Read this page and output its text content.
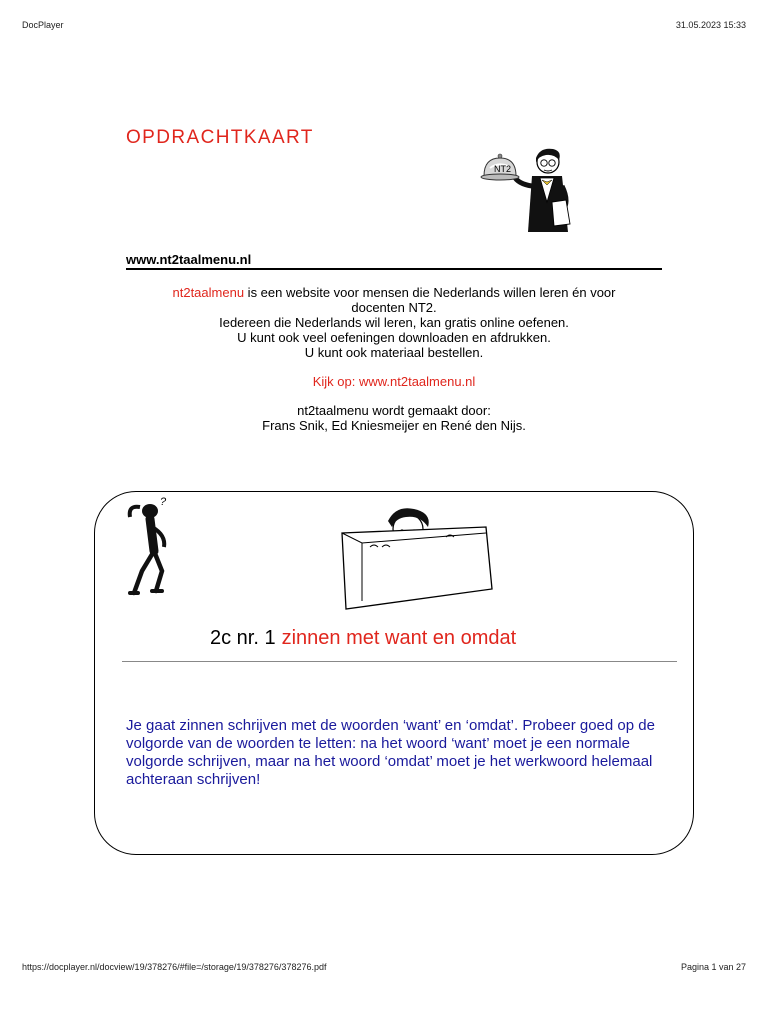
DocPlayer	31.05.2023 15:33
OPDRACHTKAART
NT2
www.nt2taalmenu.nl

nt2taalmenu is een website voor mensen die Nederlands willen leren én voor

docenten NT2.

Iedereen die Nederlands wil leren, kan gratis online oefenen.

U kunt ook veel oefeningen downloaden en afdrukken.

U kunt ook materiaal bestellen.

Kijk op: www.nt2taalmenu.nl

nt2taalmenu wordt gemaakt door:

Frans Snik, Ed Kniesmeijer en René den Nijs.

?
2c nr. 1 zinnen met want en omdat
Je gaat zinnen schrijven met de woorden ‘want’ en ‘omdat’. Probeer goed op de volgorde van de woorden te letten: na het woord ‘want’ moet je een normale volgorde schrijven, maar na het woord ‘omdat’ moet je het werkwoord helemaal achteraan schrijven!
https://docplayer.nl/docview/19/378276/#file=/storage/19/378276/378276.pdf	Pagina 1 van 27
